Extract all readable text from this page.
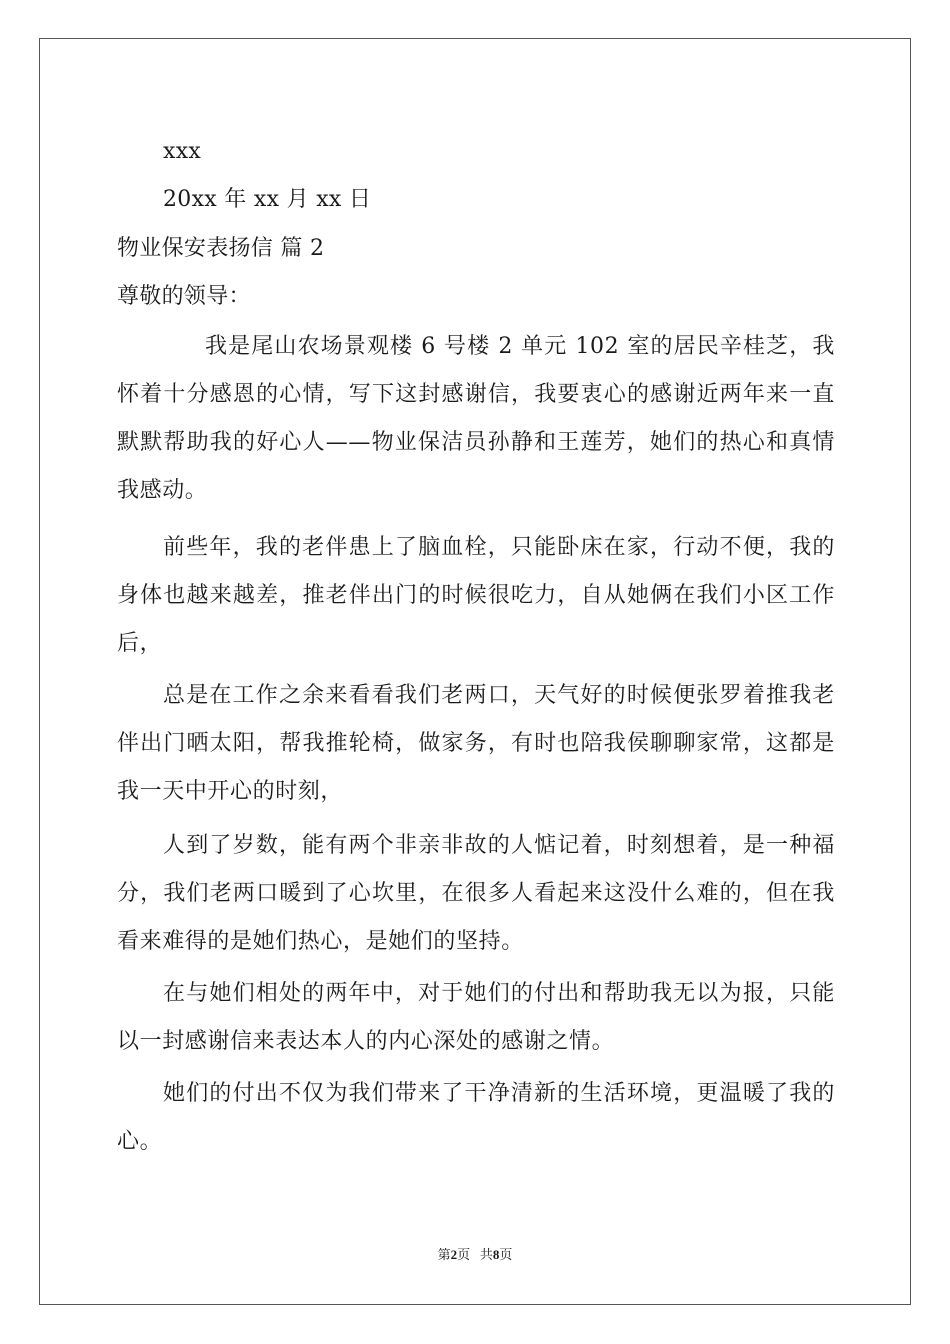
xxx
20xx 年 xx 月 xx 日
物业保安表扬信 篇 2
尊敬的领导：

我是尾山农场景观楼 6 号楼 2 单元 102 室的居民辛桂芝，我怀着十分感恩的心情，写下这封感谢信，我要衷心的感谢近两年来一直默默帮助我的好心人——物业保洁员孙静和王莲芳，她们的热心和真情我感动。

前些年，我的老伴患上了脑血栓，只能卧床在家，行动不便，我的身体也越来越差，推老伴出门的时候很吃力，自从她俩在我们小区工作后，

总是在工作之余来看看我们老两口，天气好的时候便张罗着推我老伴出门晒太阳，帮我推轮椅，做家务，有时也陪我侯聊聊家常，这都是我一天中开心的时刻，

人到了岁数，能有两个非亲非故的人惦记着，时刻想着，是一种福分，我们老两口暖到了心坎里，在很多人看起来这没什么难的，但在我看来难得的是她们热心，是她们的坚持。

在与她们相处的两年中，对于她们的付出和帮助我无以为报，只能以一封感谢信来表达本人的内心深处的感谢之情。

她们的付出不仅为我们带来了干净清新的生活环境，更温暖了我的心。

第2页 共8页
